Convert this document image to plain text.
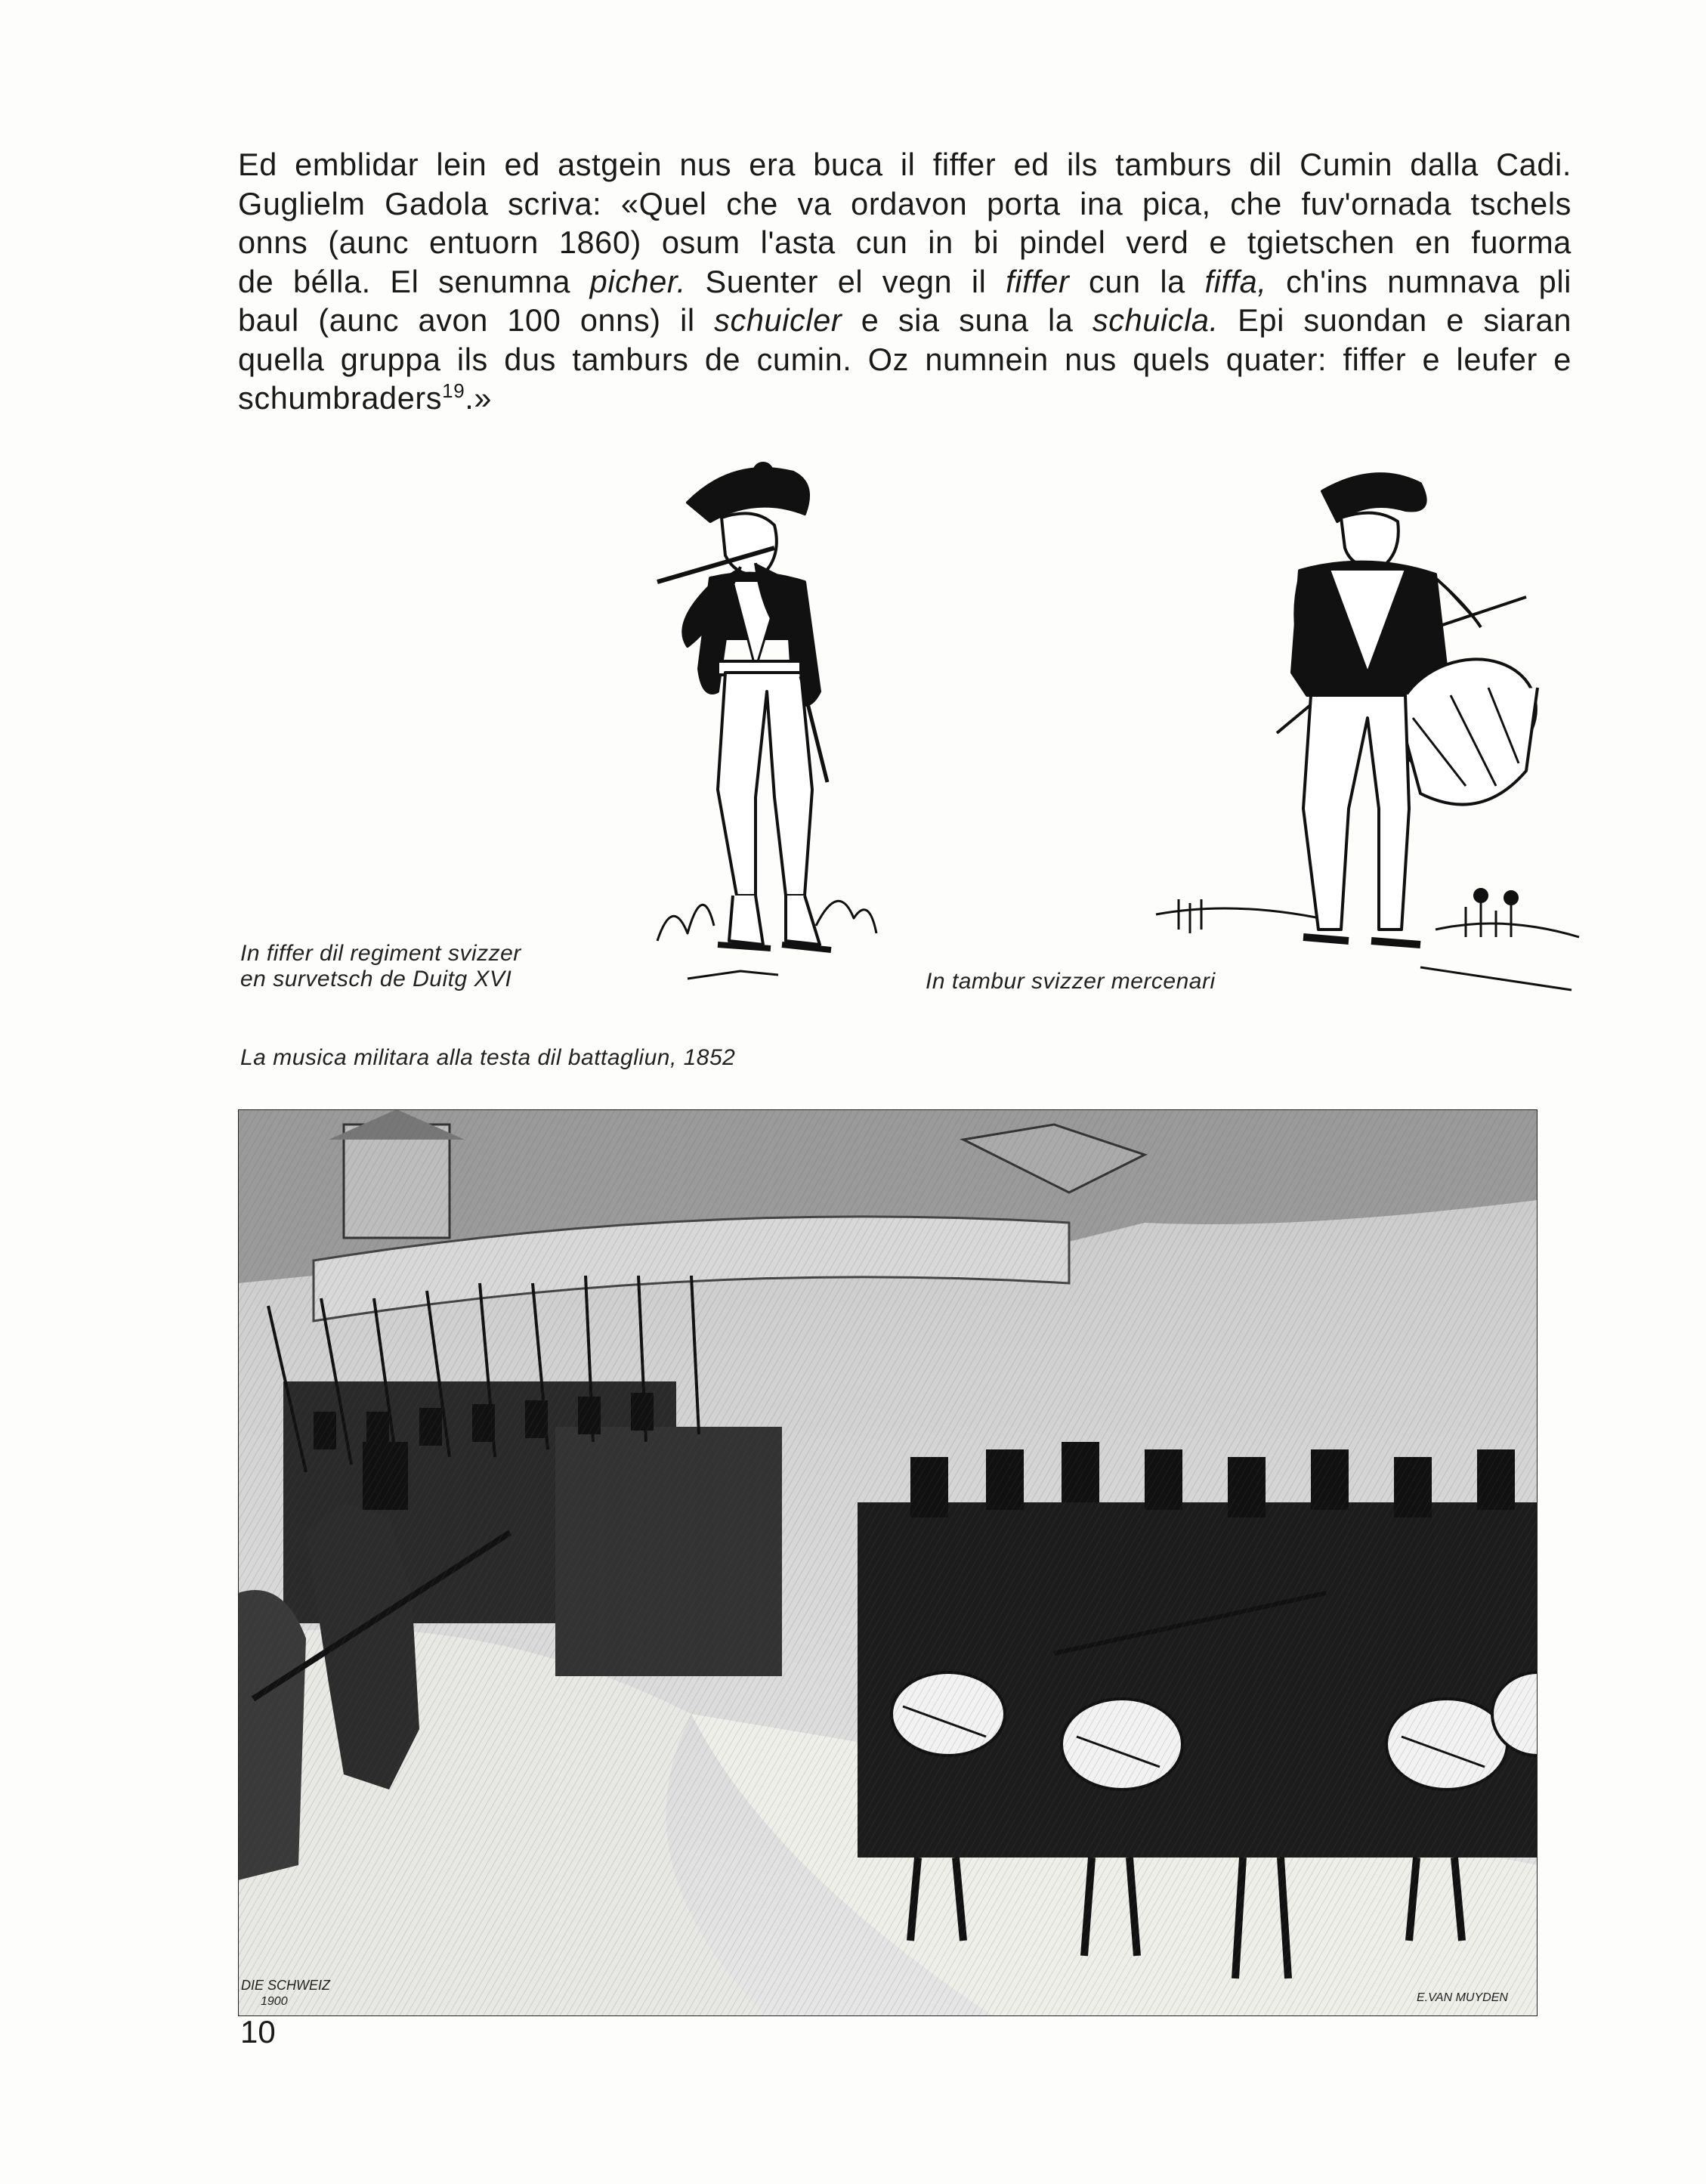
Ed emblidar lein ed astgein nus era buca il fiffer ed ils tamburs dil Cumin dalla Cadi.
Guglielm Gadola scriva: «Quel che va ordavon porta ina pica, che fuv'ornada tschels
onns (aunc entuorn 1860) osum l'asta cun in bi pindel verd e tgietschen en fuorma
de bélla. El senumna picher. Suenter el vegn il fiffer cun la fiffa, ch'ins numnava pli
baul (aunc avon 100 onns) il schuicler e sia suna la schuicla. Epi suondan e siaran
quella gruppa ils dus tamburs de cumin. Oz numnein nus quels quater: fiffer e leufer e
schumbraders$^{19}$.»
In fiffer dil regiment svizzer
en survetsch de Duitg XVI	In tambur svizzer mercenari
La musica militara alla testa dil battagliun, 1852
DIE SCHWEIZ
1900	E.VAN MUYDEN
10
